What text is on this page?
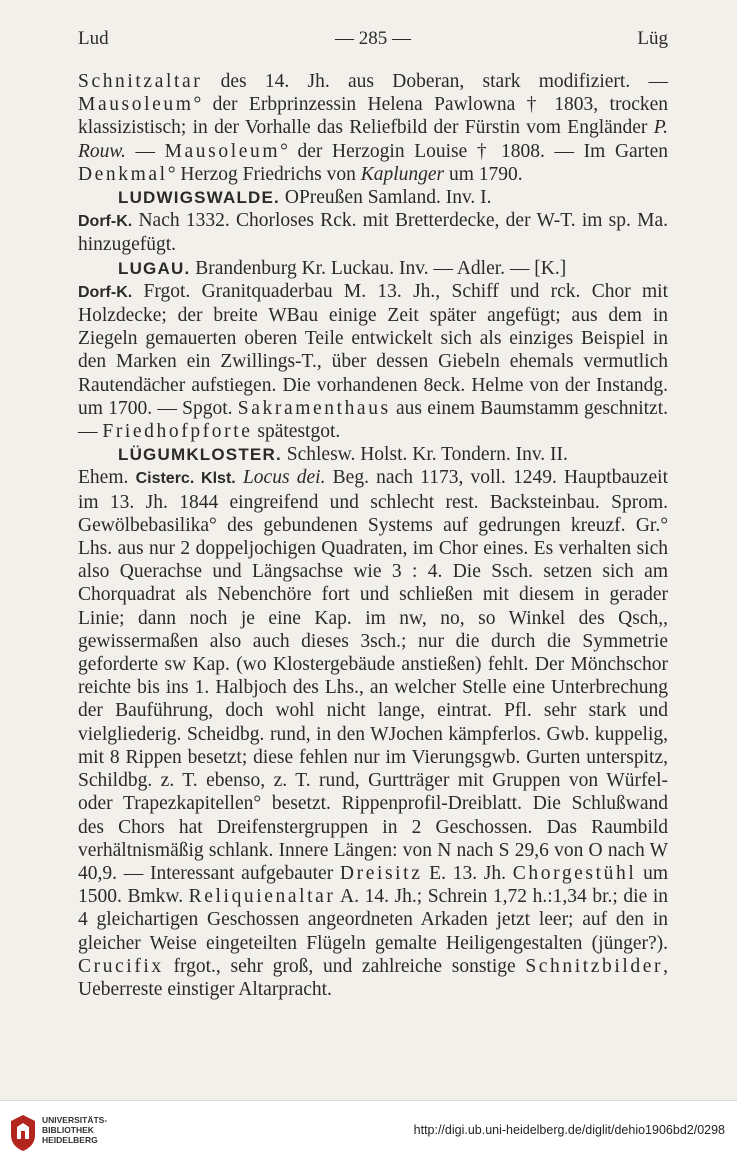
Lud	— 285 —	Lüg

Schnitzaltar des 14. Jh. aus Doberan, stark modifiziert. — Mausoleum° der Erbprinzessin Helena Pawlowna † 1803, trocken klassizistisch; in der Vorhalle das Reliefbild der Fürstin vom Engländer P. Rouw. — Mausoleum° der Herzogin Louise † 1808. — Im Garten Denkmal° Herzog Friedrichs von Kaplunger um 1790.

LUDWIGSWALDE. OPreußen Samland. Inv. I.

Dorf-K. Nach 1332. Chorloses Rck. mit Bretterdecke, der W-T. im sp. Ma. hinzugefügt.

LUGAU. Brandenburg Kr. Luckau. Inv. — Adler. — [K.]

Dorf-K. Frgot. Granitquaderbau M. 13. Jh., Schiff und rck. Chor mit Holzdecke; der breite WBau einige Zeit später angefügt; aus dem in Ziegeln gemauerten oberen Teile entwickelt sich als einziges Beispiel in den Marken ein Zwillings-T., über dessen Giebeln ehemals vermutlich Rautendächer aufstiegen. Die vorhandenen 8eck. Helme von der Instandg. um 1700. — Spgot. Sakramenthaus aus einem Baumstamm geschnitzt. — Friedhofpforte spätestgot.

LÜGUMKLOSTER. Schlesw. Holst. Kr. Tondern. Inv. II.

Ehem. Cisterc. Klst. Locus dei. Beg. nach 1173, voll. 1249. Hauptbauzeit im 13. Jh. 1844 eingreifend und schlecht rest. Backsteinbau. Sprom. Gewölbebasilika° des gebundenen Systems auf gedrungen kreuzf. Gr.° Lhs. aus nur 2 doppeljochigen Quadraten, im Chor eines. Es verhalten sich also Querachse und Längsachse wie 3 : 4. Die Ssch. setzen sich am Chorquadrat als Nebenchöre fort und schließen mit diesem in gerader Linie; dann noch je eine Kap. im nw, no, so Winkel des Qsch,, gewissermaßen also auch dieses 3sch.; nur die durch die Symmetrie geforderte sw Kap. (wo Klostergebäude anstießen) fehlt. Der Mönchschor reichte bis ins 1. Halbjoch des Lhs., an welcher Stelle eine Unterbrechung der Bauführung, doch wohl nicht lange, eintrat. Pfl. sehr stark und vielgliederig. Scheidbg. rund, in den WJochen kämpferlos. Gwb. kuppelig, mit 8 Rippen besetzt; diese fehlen nur im Vierungsgwb. Gurten unterspitz, Schildbg. z. T. ebenso, z. T. rund, Gurtträger mit Gruppen von Würfel- oder Trapezkapitellen° besetzt. Rippenprofil-Dreiblatt. Die Schlußwand des Chors hat Dreifenstergruppen in 2 Geschossen. Das Raumbild verhältnismäßig schlank. Innere Längen: von N nach S 29,6 von O nach W 40,9. — Interessant aufgebauter Dreisitz E. 13. Jh. Chorgestühl um 1500. Bmkw. Reliquienaltar A. 14. Jh.; Schrein 1,72 h.:1,34 br.; die in 4 gleichartigen Geschossen angeordneten Arkaden jetzt leer; auf den in gleicher Weise eingeteilten Flügeln gemalte Heiligengestalten (jünger?). Crucifix frgot., sehr groß, und zahlreiche sonstige Schnitzbilder, Ueberreste einstiger Altarpracht.

UNIVERSITÄTS-
BIBLIOTHEK
HEIDELBERG
http://digi.ub.uni-heidelberg.de/diglit/dehio1906bd2/0298
